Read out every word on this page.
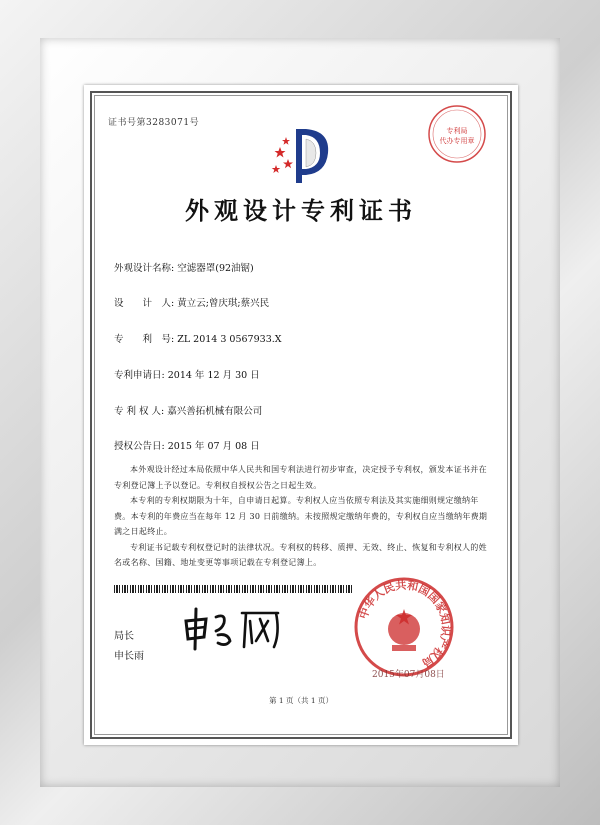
证书号第3283071号
专利局
代办专用章
外观设计专利证书
外观设计名称: 空滤器罩(92油锯)
设　　计　人: 黄立云;曾庆琪;蔡兴民
专　　利　号: ZL 2014 3 0567933.X
专利申请日: 2014 年 12 月 30 日
专 利 权 人: 嘉兴善拓机械有限公司
授权公告日: 2015 年 07 月 08 日

本外观设计经过本局依照中华人民共和国专利法进行初步审查，决定授予专利权，颁发本证书并在专利登记簿上予以登记。专利权自授权公告之日起生效。

本专利的专利权期限为十年，自申请日起算。专利权人应当依照专利法及其实施细则规定缴纳年费。本专利的年费应当在每年 12 月 30 日前缴纳。未按照规定缴纳年费的，专利权自应当缴纳年费期满之日起终止。

专利证书记载专利权登记时的法律状况。专利权的转移、质押、无效、终止、恢复和专利权人的姓名或名称、国籍、地址变更等事项记载在专利登记簿上。

局长
申长雨
中华人民共和国国家知识产权局
2015年07月08日
第 1 页（共 1 页）
